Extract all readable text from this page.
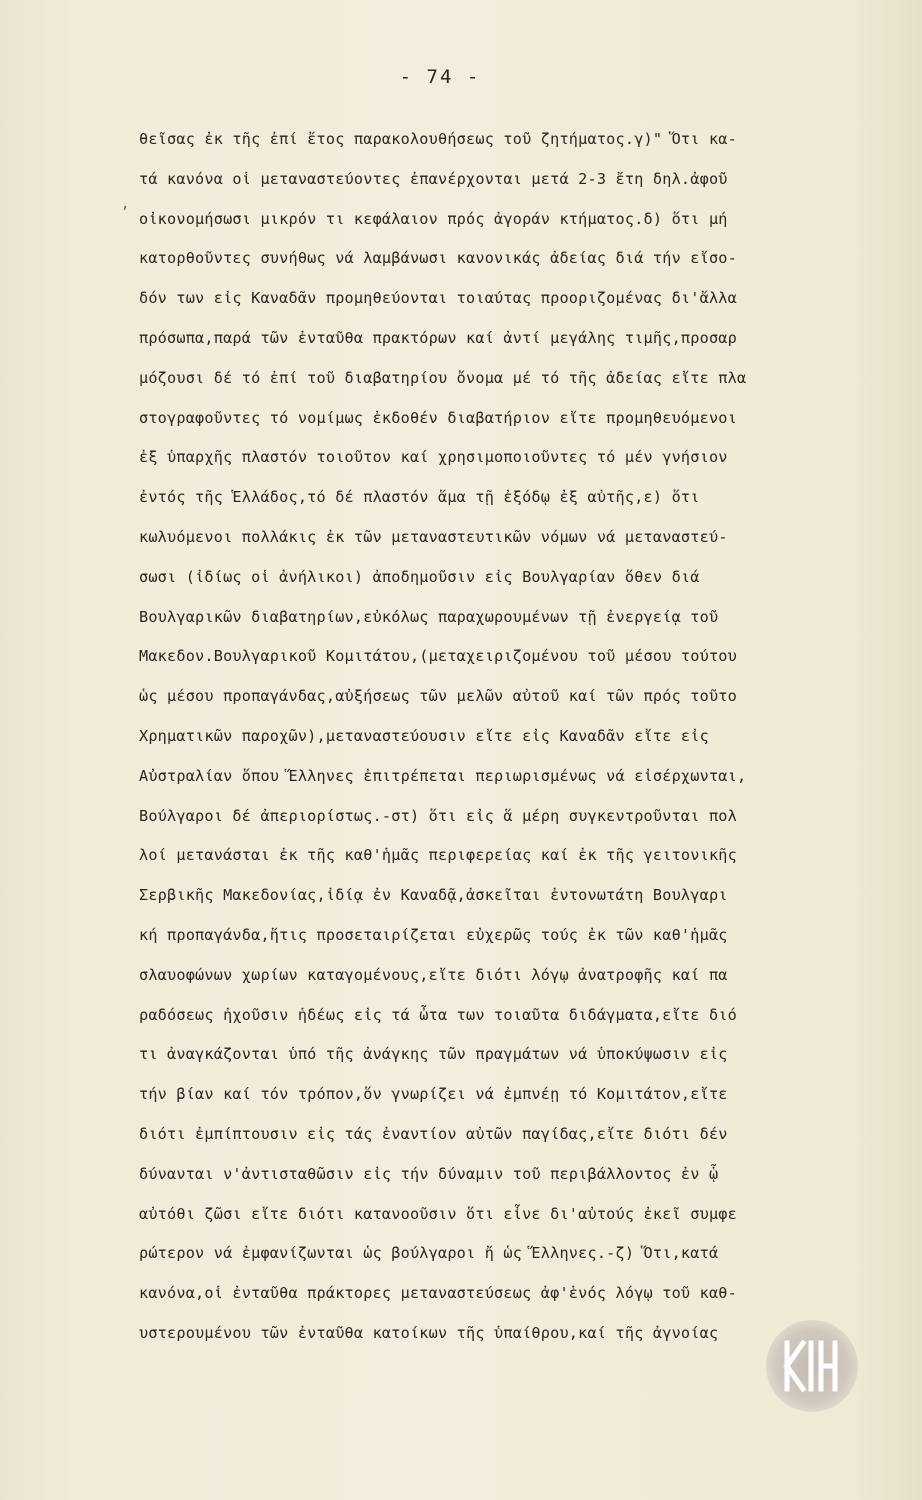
- 74 -
,
θεῖσας ἐκ τῆς ἐπί ἔτος παρακολουθήσεως τοῦ ζητήματος.γ)" Ὅτι κα-
τά κανόνα οἱ μεταναστεύοντες ἐπανέρχονται μετά 2-3 ἔτη δηλ.ἀφοῦ
οἰκονομήσωσι μικρόν τι κεφάλαιον πρός ἀγοράν κτήματος.δ) ὅτι μή
κατορθοῦντες συνήθως νά λαμβάνωσι κανονικάς ἀδείας διά τήν εἴσο-
δόν των εἰς Καναδᾶν προμηθεύονται τοιαύτας προοριζομένας δι'ἄλλα
πρόσωπα,παρά τῶν ἐνταῦθα πρακτόρων καί ἀντί μεγάλης τιμῆς,προσαρ
μόζουσι δέ τό ἐπί τοῦ διαβατηρίου ὄνομα μέ τό τῆς ἀδείας εἴτε πλα
στογραφοῦντες τό νομίμως ἐκδοθέν διαβατήριον εἴτε προμηθευόμενοι
ἐξ ὑπαρχῆς πλαστόν τοιοῦτον καί χρησιμοποιοῦντες τό μέν γνήσιον
ἐντός τῆς Ἑλλάδος,τό δέ πλαστόν ἅμα τῇ ἐξόδῳ ἐξ αὐτῆς,ε) ὅτι
κωλυόμενοι πολλάκις ἐκ τῶν μεταναστευτικῶν νόμων νά μεταναστεύ-
σωσι (ἰδίως οἱ ἀνήλικοι) ἀποδημοῦσιν εἰς Βουλγαρίαν ὅθεν διά
Βουλγαρικῶν διαβατηρίων,εὐκόλως παραχωρουμένων τῇ ἐνεργείᾳ τοῦ
Μακεδον.Βουλγαρικοῦ Κομιτάτου,(μεταχειριζομένου τοῦ μέσου τούτου
ὡς μέσου προπαγάνδας,αὐξήσεως τῶν μελῶν αὐτοῦ καί τῶν πρός τοῦτο
Χρηματικῶν παροχῶν),μεταναστεύουσιν εἴτε εἰς Καναδᾶν εἴτε εἰς
Αὐστραλίαν ὅπου Ἕλληνες ἐπιτρέπεται περιωρισμένως νά εἰσέρχωνται,
Βούλγαροι δέ ἀπεριορίστως.-στ) ὅτι εἰς ἅ μέρη συγκεντροῦνται πολ
λοί μετανάσται ἐκ τῆς καθ'ἡμᾶς περιφερείας καί ἐκ τῆς γειτονικῆς
Σερβικῆς Μακεδονίας,ἰδίᾳ ἐν Καναδᾷ,ἀσκεῖται ἐντονωτάτη Βουλγαρι
κή προπαγάνδα,ἥτις προσεταιρίζεται εὐχερῶς τούς ἐκ τῶν καθ'ἡμᾶς
σλαυοφώνων χωρίων καταγομένους,εἴτε διότι λόγῳ ἀνατροφῆς καί πα
ραδόσεως ἠχοῦσιν ἡδέως εἰς τά ὦτα των τοιαῦτα διδάγματα,εἴτε διό
τι ἀναγκάζονται ὑπό τῆς ἀνάγκης τῶν πραγμάτων νά ὑποκύψωσιν εἰς
τήν βίαν καί τόν τρόπον,ὅν γνωρίζει νά ἐμπνέῃ τό Κομιτάτον,εἴτε
διότι ἐμπίπτουσιν εἰς τάς ἐναντίον αὐτῶν παγίδας,εἴτε διότι δέν
δύνανται ν'ἀντισταθῶσιν εἰς τήν δύναμιν τοῦ περιβάλλοντος ἐν ᾧ
αὐτόθι ζῶσι εἴτε διότι κατανοοῦσιν ὅτι εἶνε δι'αὐτούς ἐκεῖ συμφε
ρώτερον νά ἐμφανίζωνται ὡς βούλγαροι ἤ ὡς Ἕλληνες.-ζ) Ὅτι,κατά
κανόνα,οἱ ἐνταῦθα πράκτορες μεταναστεύσεως ἀφ'ἑνός λόγῳ τοῦ καθ-
υστερουμένου τῶν ἐνταῦθα κατοίκων τῆς ὑπαίθρου,καί τῆς ἀγνοίας
